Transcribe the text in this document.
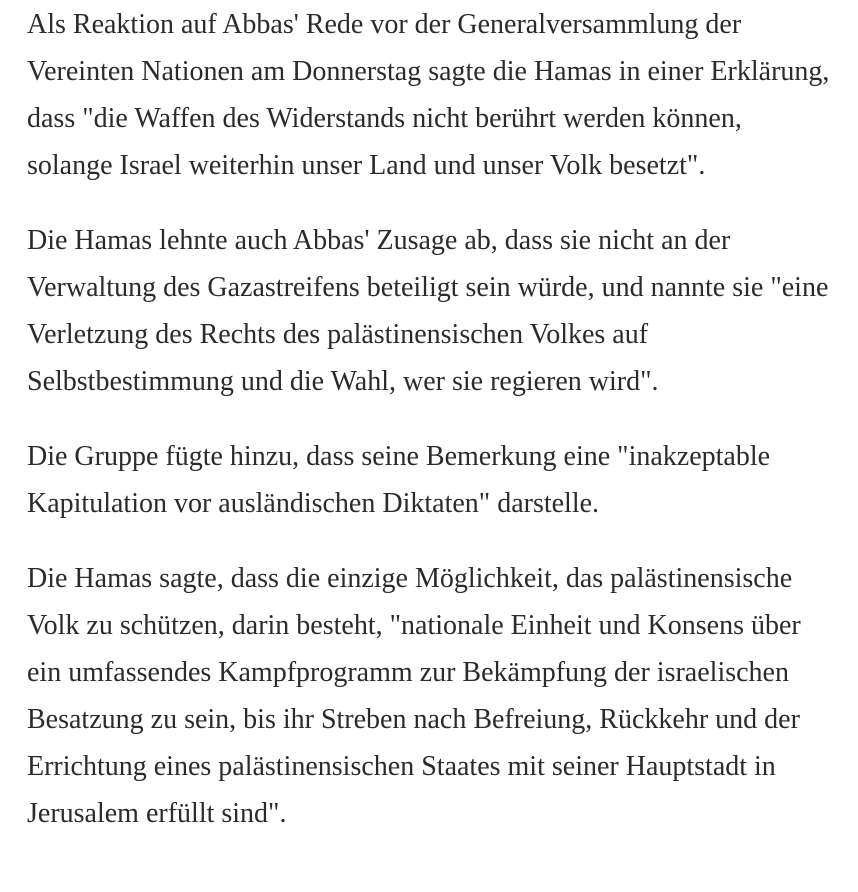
Als Reaktion auf Abbas' Rede vor der Generalversammlung der Vereinten Nationen am Donnerstag sagte die Hamas in einer Erklärung, dass "die Waffen des Widerstands nicht berührt werden können, solange Israel weiterhin unser Land und unser Volk besetzt".

Die Hamas lehnte auch Abbas' Zusage ab, dass sie nicht an der Verwaltung des Gazastreifens beteiligt sein würde, und nannte sie "eine Verletzung des Rechts des palästinensischen Volkes auf Selbstbestimmung und die Wahl, wer sie regieren wird".

Die Gruppe fügte hinzu, dass seine Bemerkung eine "inakzeptable Kapitulation vor ausländischen Diktaten" darstelle.

Die Hamas sagte, dass die einzige Möglichkeit, das palästinensische Volk zu schützen, darin besteht, "nationale Einheit und Konsens über ein umfassendes Kampfprogramm zur Bekämpfung der israelischen Besatzung zu sein, bis ihr Streben nach Befreiung, Rückkehr und der Errichtung eines palästinensischen Staates mit seiner Hauptstadt in Jerusalem erfüllt sind".
